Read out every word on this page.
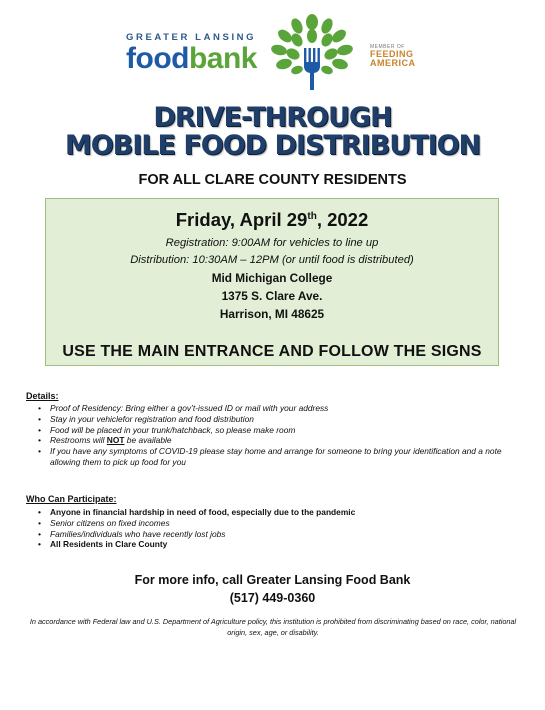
GREATER LANSING
foodbank	MEMBER OF
FEEDING
AMERICA
DRIVE-THROUGH
MOBILE FOOD DISTRIBUTION
FOR ALL CLARE COUNTY RESIDENTS
Friday, April 29th, 2022
Registration: 9:00AM for vehicles to line up
Distribution: 10:30AM – 12PM (or until food is distributed)
Mid Michigan College
1375 S. Clare Ave.
Harrison, MI 48625
USE THE MAIN ENTRANCE AND FOLLOW THE SIGNS
Details:
• Proof of Residency: Bring either a gov’t-issued ID or mail with your address
• Stay in your vehiclefor registration and food distribution
• Food will be placed in your trunk/hatchback, so please make room
• Restrooms will NOT be available
• If you have any symptoms of COVID-19 please stay home and arrange for someone to bring your identification and a note allowing them to pick up food for you
Who Can Participate:
• Anyone in financial hardship in need of food, especially due to the pandemic
• Senior citizens on fixed incomes
• Families/individuals who have recently lost jobs
• All Residents in Clare County
For more info, call Greater Lansing Food Bank
(517) 449-0360
In accordance with Federal law and U.S. Department of Agriculture policy, this institution is prohibited from discriminating based on race, color, national origin, sex, age, or disability.
